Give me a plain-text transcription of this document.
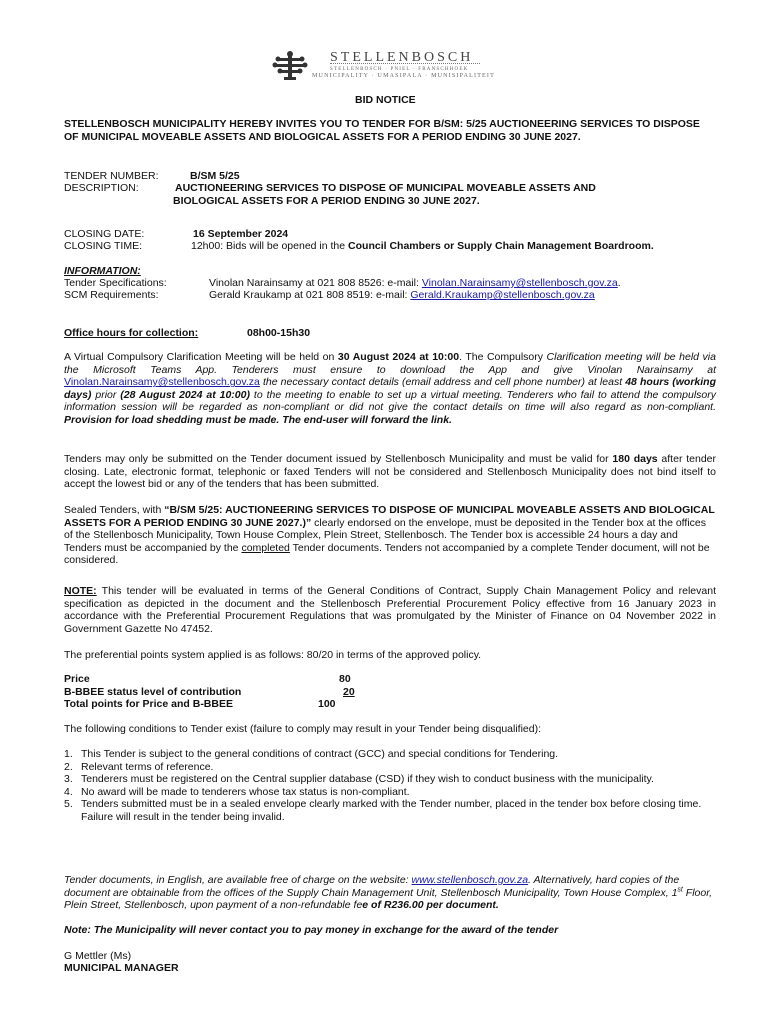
STELLENBOSCH
STELLENBOSCH · PNIEL · FRANSCHHOEK
MUNICIPALITY · UMASIPALA · MUNISIPALITEIT
BID NOTICE
STELLENBOSCH MUNICIPALITY HEREBY INVITES YOU TO TENDER FOR B/SM: 5/25 AUCTIONEERING SERVICES TO DISPOSE OF MUNICIPAL MOVEABLE ASSETS AND BIOLOGICAL ASSETS FOR A PERIOD ENDING 30 JUNE 2027.
TENDER NUMBER:	B/SM 5/25
DESCRIPTION:	AUCTIONEERING SERVICES TO DISPOSE OF MUNICIPAL MOVEABLE ASSETS AND
BIOLOGICAL ASSETS FOR A PERIOD ENDING 30 JUNE 2027.
CLOSING DATE:	16 September 2024
CLOSING TIME:	12h00: Bids will be opened in the Council Chambers or Supply Chain Management Boardroom.
INFORMATION:
Tender Specifications:	Vinolan Narainsamy at 021 808 8526: e-mail: Vinolan.Narainsamy@stellenbosch.gov.za.
SCM Requirements:	Gerald Kraukamp at 021 808 8519: e-mail: Gerald.Kraukamp@stellenbosch.gov.za
Office hours for collection:	08h00-15h30
A Virtual Compulsory Clarification Meeting will be held on 30 August 2024 at 10:00. The Compulsory Clarification meeting will be held via the Microsoft Teams App. Tenderers must ensure to download the App and give Vinolan Narainsamy at Vinolan.Narainsamy@stellenbosch.gov.za the necessary contact details (email address and cell phone number) at least 48 hours (working days) prior (28 August 2024 at 10:00) to the meeting to enable to set up a virtual meeting. Tenderers who fail to attend the compulsory information session will be regarded as non-compliant or did not give the contact details on time will also regard as non-compliant. Provision for load shedding must be made. The end-user will forward the link.
Tenders may only be submitted on the Tender document issued by Stellenbosch Municipality and must be valid for 180 days after tender closing. Late, electronic format, telephonic or faxed Tenders will not be considered and Stellenbosch Municipality does not bind itself to accept the lowest bid or any of the tenders that has been submitted.
Sealed Tenders, with “B/SM 5/25: AUCTIONEERING SERVICES TO DISPOSE OF MUNICIPAL MOVEABLE ASSETS AND BIOLOGICAL ASSETS FOR A PERIOD ENDING 30 JUNE 2027.)” clearly endorsed on the envelope, must be deposited in the Tender box at the offices of the Stellenbosch Municipality, Town House Complex, Plein Street, Stellenbosch. The Tender box is accessible 24 hours a day and Tenders must be accompanied by the completed Tender documents. Tenders not accompanied by a complete Tender document, will not be considered.
NOTE: This tender will be evaluated in terms of the General Conditions of Contract, Supply Chain Management Policy and relevant specification as depicted in the document and the Stellenbosch Preferential Procurement Policy effective from 16 January 2023 in accordance with the Preferential Procurement Regulations that was promulgated by the Minister of Finance on 04 November 2022 in Government Gazette No 47452.
The preferential points system applied is as follows: 80/20 in terms of the approved policy.
Price	80
B-BBEE status level of contribution	20
Total points for Price and B-BBEE	100
The following conditions to Tender exist (failure to comply may result in your Tender being disqualified):
1. This Tender is subject to the general conditions of contract (GCC) and special conditions for Tendering.
2. Relevant terms of reference.
3. Tenderers must be registered on the Central supplier database (CSD) if they wish to conduct business with the municipality.
4. No award will be made to tenderers whose tax status is non-compliant.
5. Tenders submitted must be in a sealed envelope clearly marked with the Tender number, placed in the tender box before closing time. Failure will result in the tender being invalid.
Tender documents, in English, are available free of charge on the website: www.stellenbosch.gov.za. Alternatively, hard copies of the document are obtainable from the offices of the Supply Chain Management Unit, Stellenbosch Municipality, Town House Complex, 1st Floor, Plein Street, Stellenbosch, upon payment of a non-refundable fee of R236.00 per document.
Note: The Municipality will never contact you to pay money in exchange for the award of the tender
G Mettler (Ms)
MUNICIPAL MANAGER
